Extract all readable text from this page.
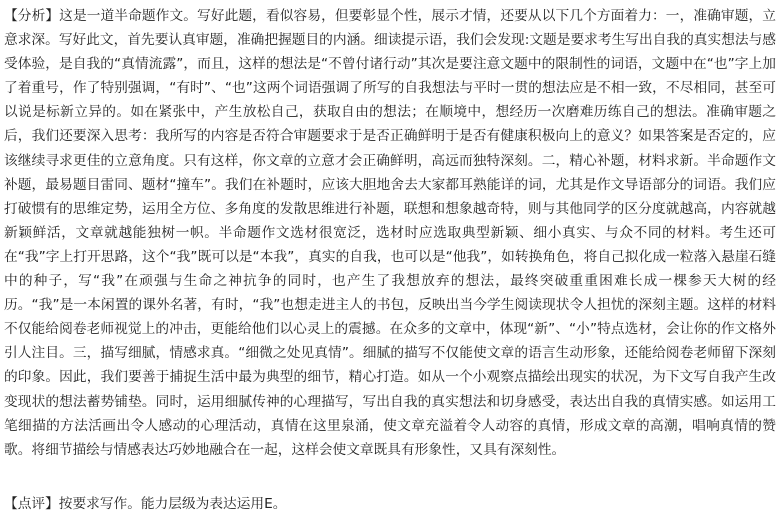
【分析】这是一道半命题作文。写好此题，看似容易，但要彰显个性，展示才情，还要从以下几个方面着力：一，准确审题，立意求深。写好此文，首先要认真审题，准确把握题目的内涵。细读提示语，我们会发现:文题是要求考生写出自我的真实想法与感受体验，是自我的“真情流露”，而且，这样的想法是“不曾付诸行动”其次是要注意文题中的限制性的词语，文题中在“也”字上加了着重号，作了特别强调，“有时”、“也”这两个词语强调了所写的自我想法与平时一贯的想法应是不相一致，不尽相同，甚至可以说是标新立异的。如在紧张中，产生放松自己，获取自由的想法；在顺境中，想经历一次磨难历练自己的想法。准确审题之后，我们还要深入思考：我所写的内容是否符合审题要求于是否正确鲜明于是否有健康积极向上的意义？如果答案是否定的，应该继续寻求更佳的立意角度。只有这样，你文章的立意才会正确鲜明，高远而独特深刻。二，精心补题，材料求新。半命题作文补题，最易题目雷同、题材“撞车”。我们在补题时，应该大胆地舍去大家都耳熟能详的词，尤其是作文导语部分的词语。我们应打破惯有的思维定势，运用全方位、多角度的发散思维进行补题，联想和想象越奇特，则与其他同学的区分度就越高，内容就越新颖鲜活，文章就越能独树一帜。半命题作文选材很宽泛，选材时应选取典型新颖、细小真实、与众不同的材料。考生还可在“我”字上打开思路，这个“我”既可以是“本我”，真实的自我，也可以是“他我”，如转换角色，将自己拟化成一粒落入悬崖石缝中的种子，写“我”在顽强与生命之神抗争的同时，也产生了我想放弃的想法，最终突破重重困难长成一棵参天大树的经历。“我”是一本闲置的课外名著，有时，“我”也想走进主人的书包，反映出当今学生阅读现状令人担忧的深刻主题。这样的材料不仅能给阅卷老师视觉上的冲击，更能给他们以心灵上的震撼。在众多的文章中，体现“新”、“小”特点选材，会让你的作文格外引人注目。三，描写细腻，情感求真。“细微之处见真情”。细腻的描写不仅能使文章的语言生动形象，还能给阅卷老师留下深刻的印象。因此，我们要善于捕捉生活中最为典型的细节，精心打造。如从一个小观察点描绘出现实的状况，为下文写自我产生改变现状的想法蓄势铺垫。同时，运用细腻传神的心理描写，写出自我的真实想法和切身感受，表达出自我的真情实感。如运用工笔细描的方法活画出令人感动的心理活动，真情在这里泉涌，使文章充溢着令人动容的真情，形成文章的高潮，唱响真情的赞歌。将细节描绘与情感表达巧妙地融合在一起，这样会使文章既具有形象性，又具有深刻性。

【点评】按要求写作。能力层级为表达运用E。
